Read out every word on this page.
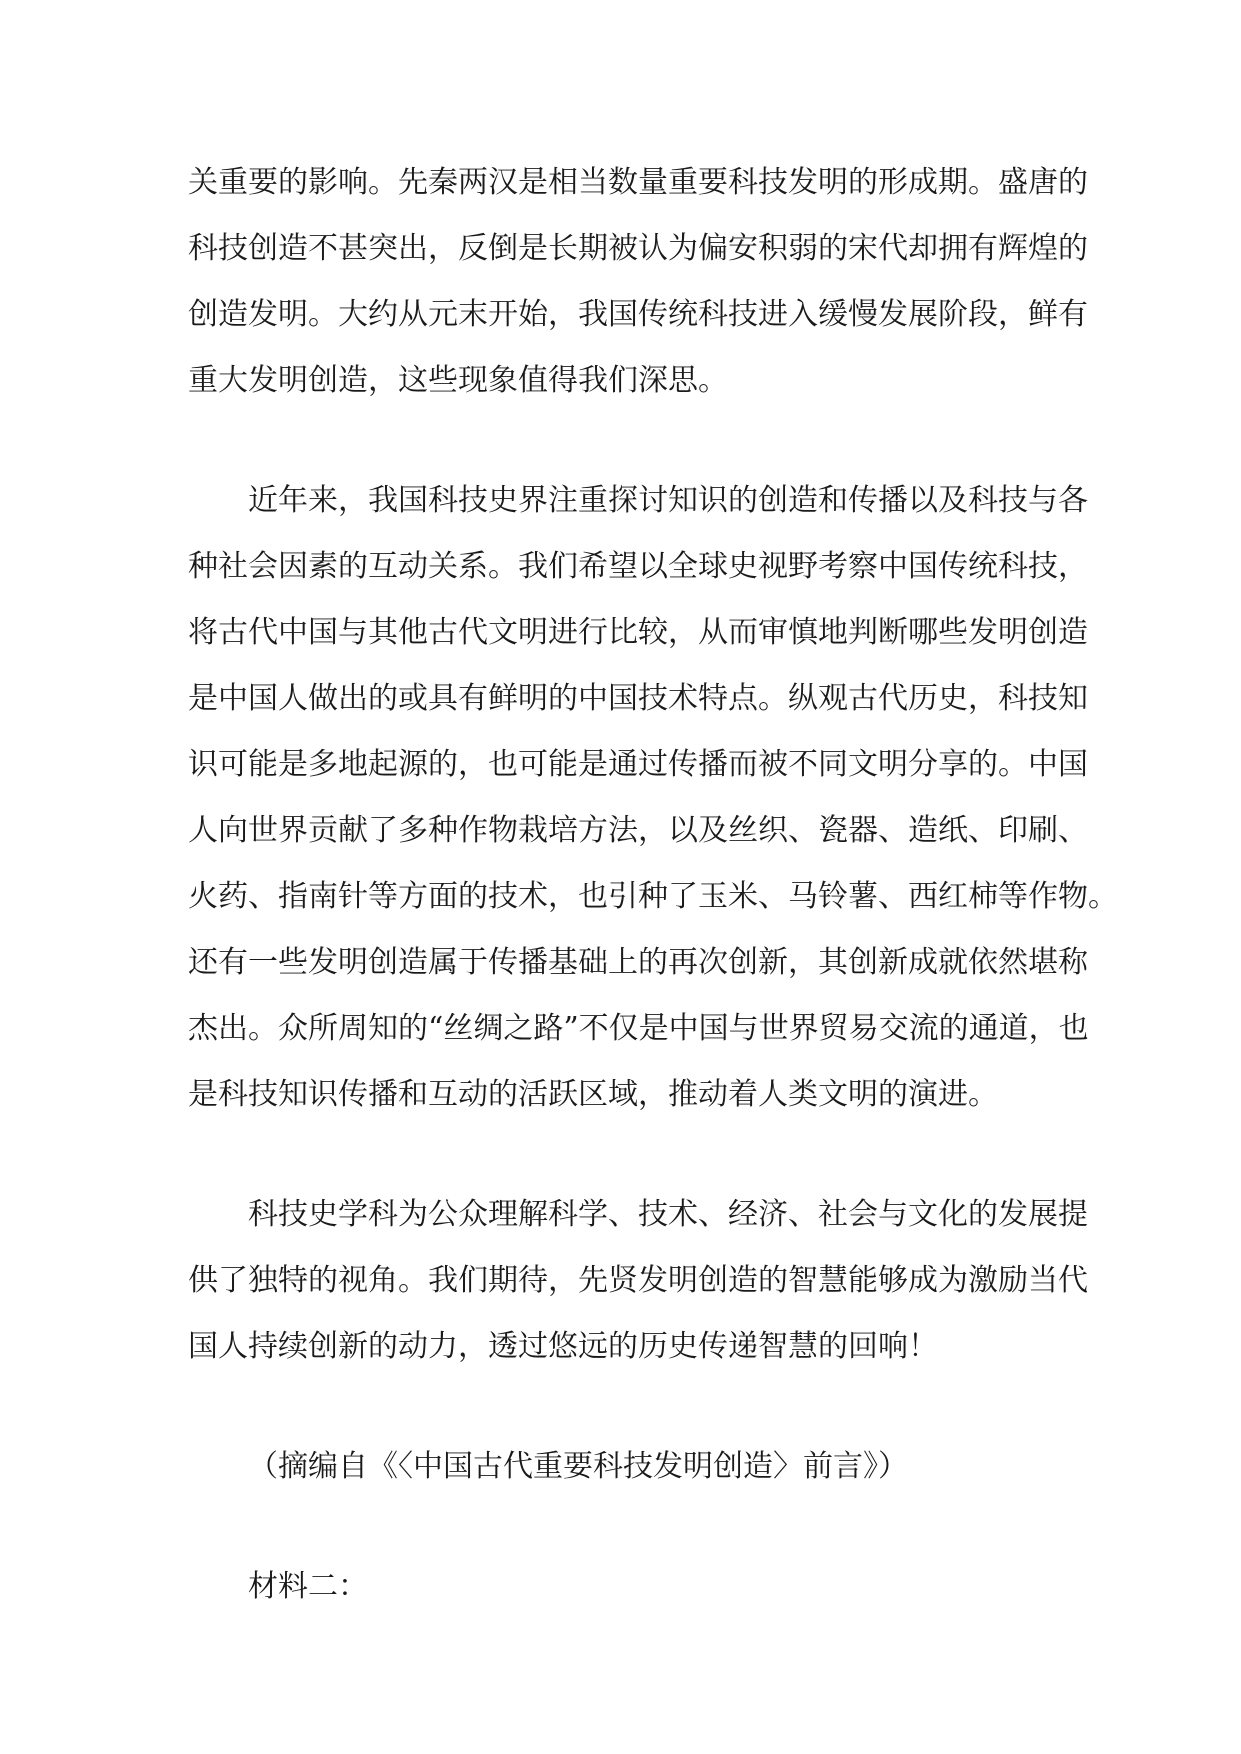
关重要的影响。先秦两汉是相当数量重要科技发明的形成期。盛唐的
科技创造不甚突出，反倒是长期被认为偏安积弱的宋代却拥有辉煌的
创造发明。大约从元末开始，我国传统科技进入缓慢发展阶段，鲜有
重大发明创造，这些现象值得我们深思。
近年来，我国科技史界注重探讨知识的创造和传播以及科技与各
种社会因素的互动关系。我们希望以全球史视野考察中国传统科技，
将古代中国与其他古代文明进行比较，从而审慎地判断哪些发明创造
是中国人做出的或具有鲜明的中国技术特点。纵观古代历史，科技知
识可能是多地起源的，也可能是通过传播而被不同文明分享的。中国
人向世界贡献了多种作物栽培方法，以及丝织、瓷器、造纸、印刷、
火药、指南针等方面的技术，也引种了玉米、马铃薯、西红柿等作物。
还有一些发明创造属于传播基础上的再次创新，其创新成就依然堪称
杰出。众所周知的“丝绸之路”不仅是中国与世界贸易交流的通道，也
是科技知识传播和互动的活跃区域，推动着人类文明的演进。
科技史学科为公众理解科学、技术、经济、社会与文化的发展提
供了独特的视角。我们期待，先贤发明创造的智慧能够成为激励当代
国人持续创新的动力，透过悠远的历史传递智慧的回响！
（摘编自《〈中国古代重要科技发明创造〉前言》）
材料二：
